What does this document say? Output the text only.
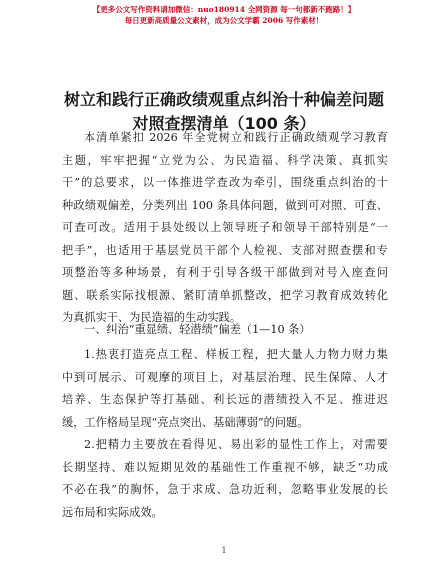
【更多公文写作资料请加微信：nuo180914 全网资源 每一句都新不跑路！】
每日更新高质量公文素材，成为公文学霸 2006 写作素材！
树立和践行正确政绩观重点纠治十种偏差问题
对照查摆清单（100 条）
本清单紧扣 2026 年全党树立和践行正确政绩观学习教育
主题，牢牢把握“立党为公、为民造福、科学决策、真抓实
干”的总要求，以一体推进学查改为牵引，围绕重点纠治的十
种政绩观偏差，分类列出 100 条具体问题，做到可对照、可查、
可查可改。适用于县处级以上领导班子和领导干部特别是“一
把手”，也适用于基层党员干部个人检视、支部对照查摆和专
项整治等多种场景，有利于引导各级干部做到对号入座查问
题、联系实际找根源、紧盯清单抓整改，把学习教育成效转化
为真抓实干、为民造福的生动实践。
一、纠治“重显绩、轻潜绩”偏差（1—10 条）
1.热衷打造亮点工程、样板工程，把大量人力物力财力集
中到可展示、可观摩的项目上，对基层治理、民生保障、人才
培养、生态保护等打基础、利长远的潜绩投入不足、推进迟
缓，工作格局呈现“亮点突出、基础薄弱”的问题。
2.把精力主要放在看得见、易出彩的显性工作上，对需要
长期坚持、难以短期见效的基础性工作重视不够，缺乏“功成
不必在我”的胸怀，急于求成、急功近利，忽略事业发展的长
远布局和实际成效。
1
